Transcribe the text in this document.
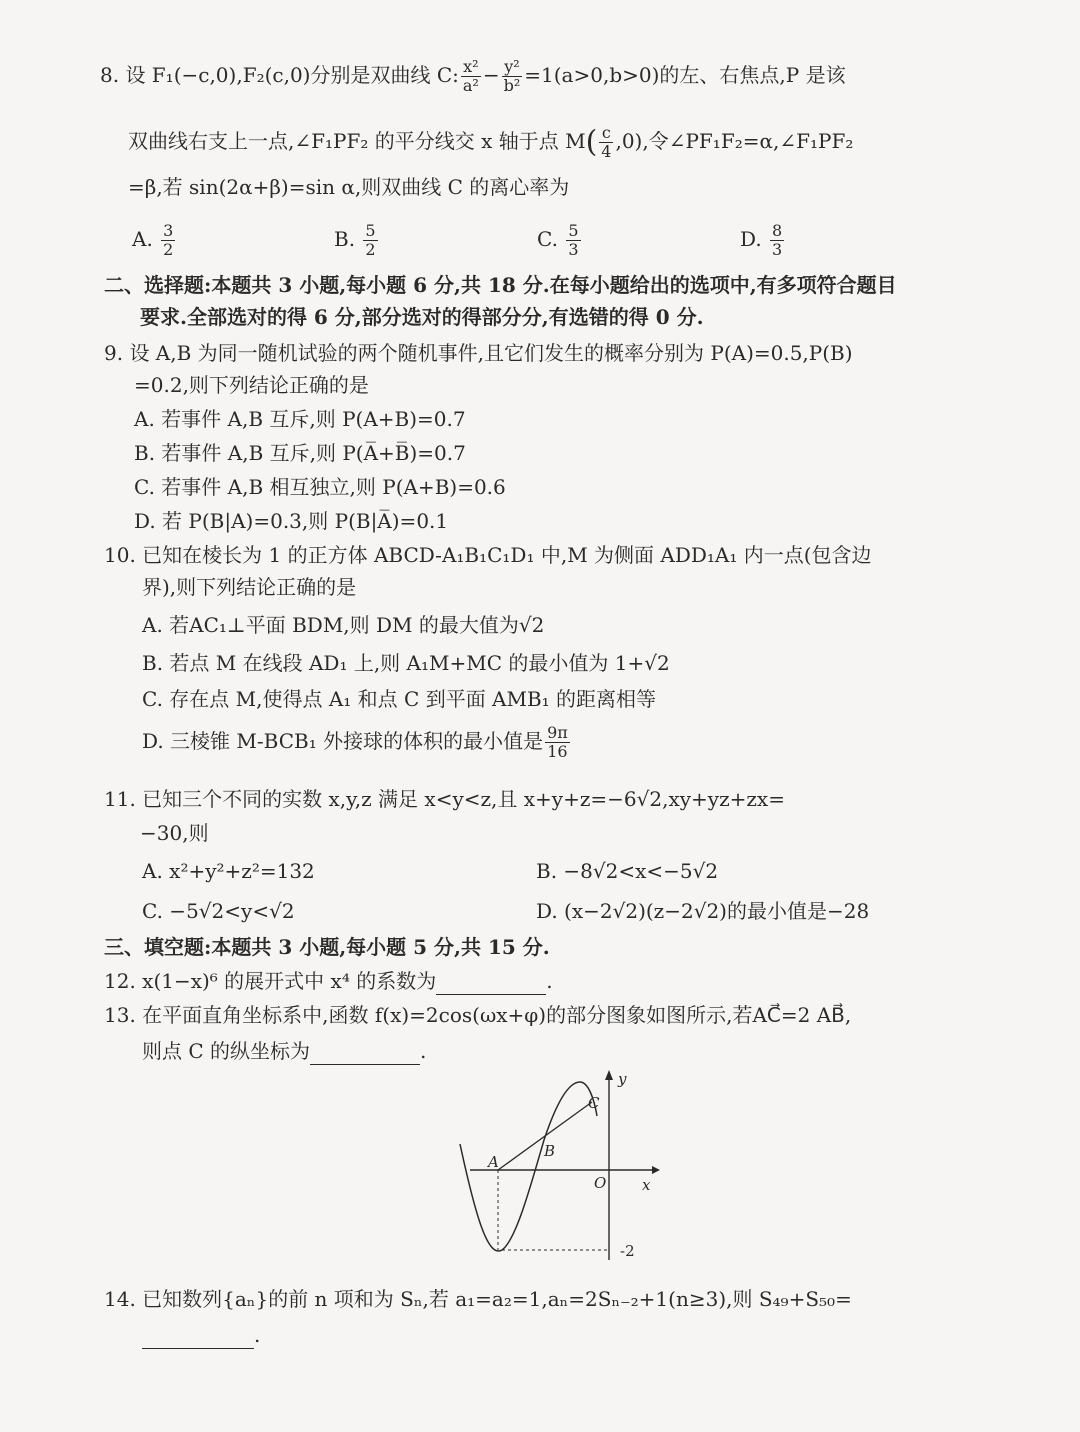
8. 设 F₁(−c,0),F₂(c,0)分别是双曲线 C: $\frac{\text{x²}}{\text{a²}} - \frac{\text{y²}}{\text{b²}} =1(a>0,b>0)$的左、右焦点,P 是该
双曲线右支上一点,∠F₁PF₂ 的平分线交 x 轴于点 $M( \frac{c}{4} ,0)$,令∠PF₁F₂=α,∠F₁PF₂
=β,若 sin(2α+β)=sin α,则双曲线 C 的离心率为
A. $\frac{3}{2}$	B. $\frac{5}{2}$	C. $\frac{5}{3}$	D. $\frac{8}{3}$
二、选择题:本题共 3 小题,每小题 6 分,共 18 分.在每小题给出的选项中,有多项符合题目
要求.全部选对的得 6 分,部分选对的得部分分,有选错的得 0 分.
9. 设 A,B 为同一随机试验的两个随机事件,且它们发生的概率分别为 P(A)=0.5,P(B)
=0.2,则下列结论正确的是
A. 若事件 A,B 互斥,则 P(A+B)=0.7
B. 若事件 A,B 互斥,则 P(A̅+B̅)=0.7
C. 若事件 A,B 相互独立,则 P(A+B)=0.6
D. 若 P(B|A)=0.3,则 P(B|A̅)=0.1
10. 已知在棱长为 1 的正方体 ABCD-A₁B₁C₁D₁ 中,M 为侧面 ADD₁A₁ 内一点(包含边
界),则下列结论正确的是
A. 若AC₁⊥平面 BDM,则 DM 的最大值为√2
B. 若点 M 在线段 AD₁ 上,则 A₁M+MC 的最小值为 1+√2
C. 存在点 M,使得点 A₁ 和点 C 到平面 AMB₁ 的距离相等
D. 三棱锥 M-BCB₁ 外接球的体积的最小值是 $\frac{9\pi}{16}$
11. 已知三个不同的实数 x,y,z 满足 x<y<z,且 x+y+z=−6√2,xy+yz+zx=
−30,则
A. x²+y²+z²=132	B. −8√2<x<−5√2
C. −5√2<y<√2	D. (x−2√2)(z−2√2)的最小值是−28
三、填空题:本题共 3 小题,每小题 5 分,共 15 分.
12. x(1−x)⁶ 的展开式中 x⁴ 的系数为	.
13. 在平面直角坐标系中,函数 f(x)=2cos(ωx+φ)的部分图象如图所示,若AC⃗=2 AB⃗,
则点 C 的纵坐标为	.
A
B
C
O x
y
-2
14. 已知数列{aₙ}的前 n 项和为 Sₙ,若 a₁=a₂=1,aₙ=2Sₙ₋₂+1(n≥3),则 S₄₉+S₅₀=
.
